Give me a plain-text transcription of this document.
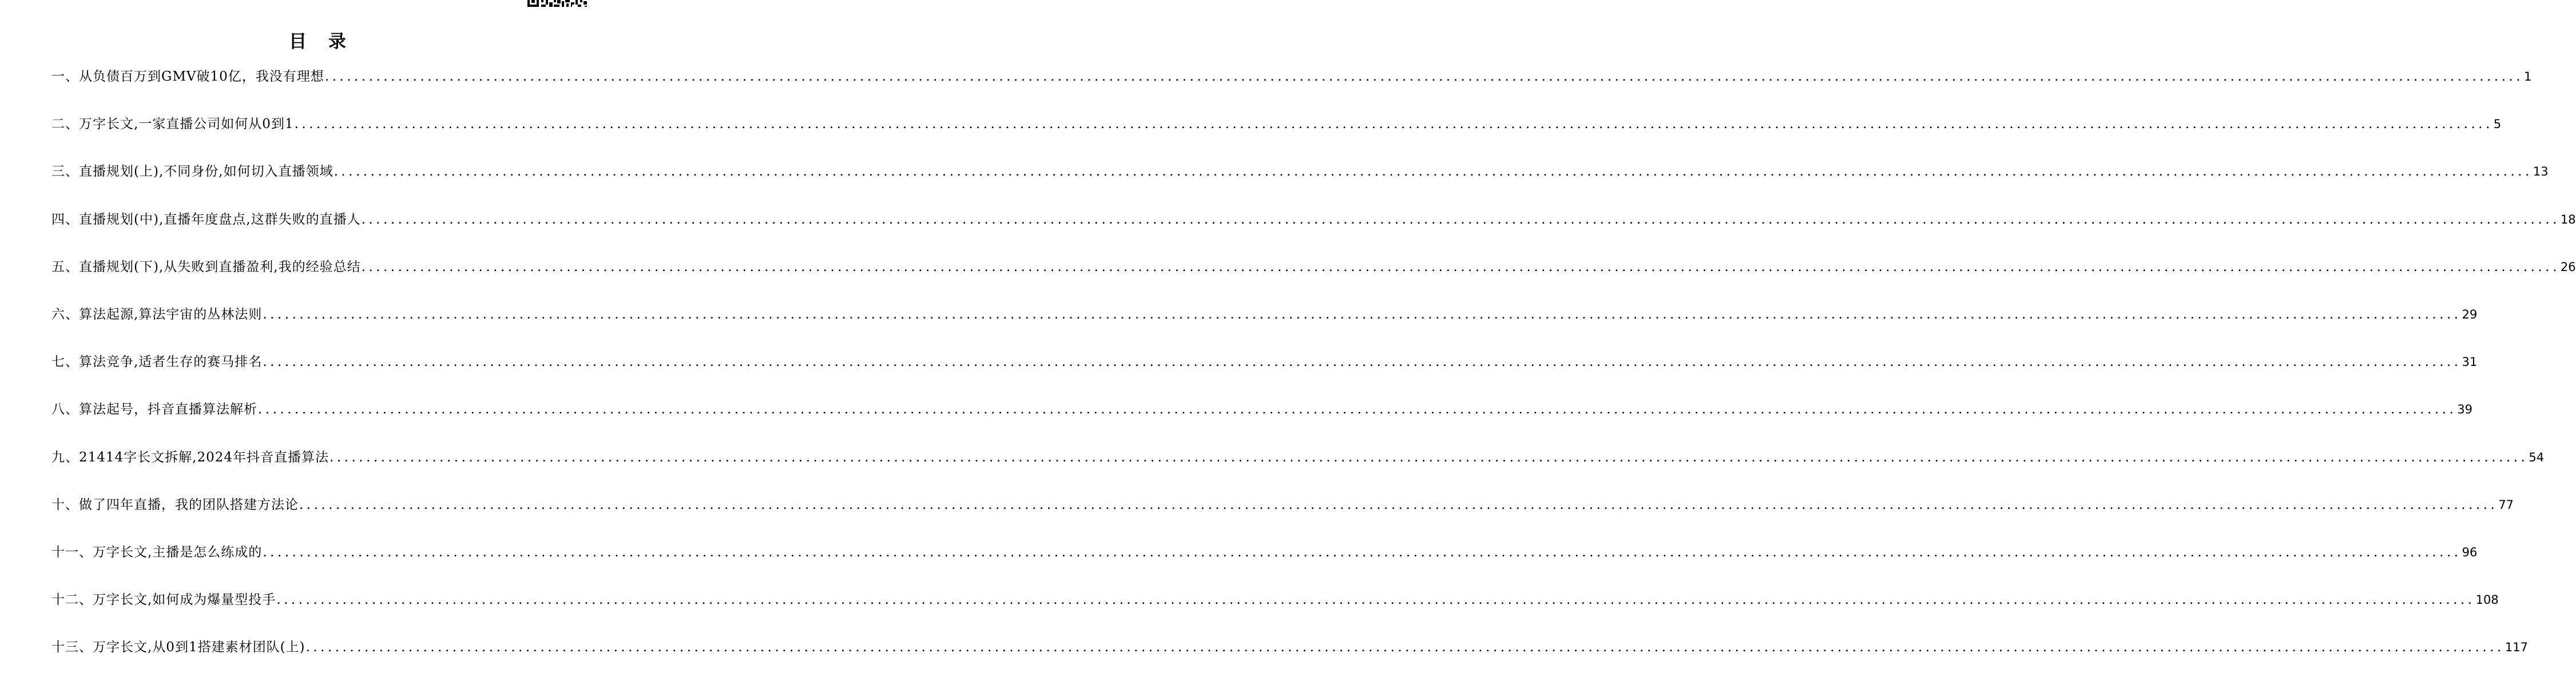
目录
一、从负债百万到GMV破10亿，我没有理想 ............................................................................................................................................................................................................................................................................................................ 1
二、万字长文,一家直播公司如何从0到1 ............................................................................................................................................................................................................................................................................................................ 5
三、直播规划(上),不同身份,如何切入直播领域 ............................................................................................................................................................................................................................................................................................................ 13
四、直播规划(中),直播年度盘点,这群失败的直播人 ............................................................................................................................................................................................................................................................................................................ 18
五、直播规划(下),从失败到直播盈利,我的经验总结 ............................................................................................................................................................................................................................................................................................................ 26
六、算法起源,算法宇宙的丛林法则 ............................................................................................................................................................................................................................................................................................................ 29
七、算法竞争,适者生存的赛马排名 ............................................................................................................................................................................................................................................................................................................ 31
八、算法起号，抖音直播算法解析 ............................................................................................................................................................................................................................................................................................................ 39
九、21414字长文拆解,2024年抖音直播算法 ............................................................................................................................................................................................................................................................................................................ 54
十、做了四年直播，我的团队搭建方法论 ............................................................................................................................................................................................................................................................................................................ 77
十一、万字长文,主播是怎么练成的 ............................................................................................................................................................................................................................................................................................................ 96
十二、万字长文,如何成为爆量型投手 ............................................................................................................................................................................................................................................................................................................ 108
十三、万字长文,从0到1搭建素材团队(上) ............................................................................................................................................................................................................................................................................................................ 117
